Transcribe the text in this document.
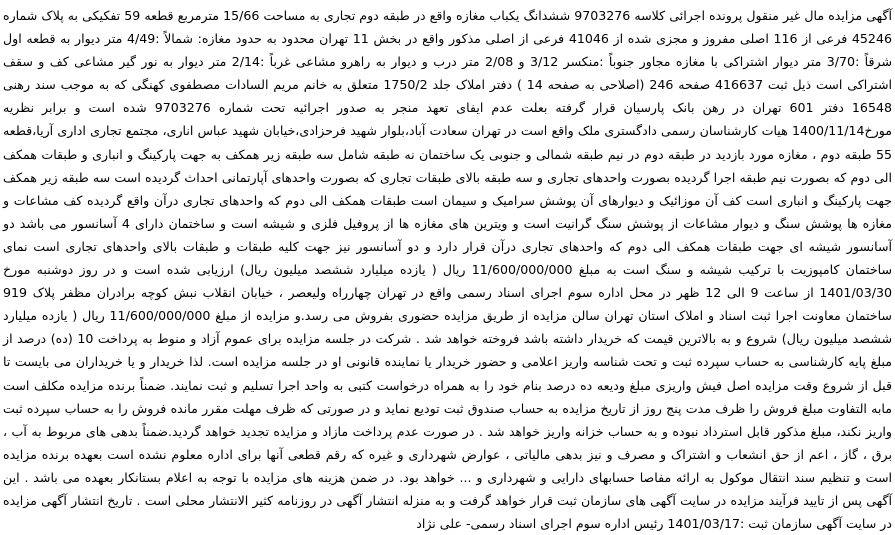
آگهی مزایده مال غیر منقول پرونده اجرائی کلاسه 9703276 ششدانگ یکباب مغازه واقع در طبقه دوم تجاری به مساحت 15/66 مترمربع قطعه 59 تفکیکی به پلاک شماره 45246 فرعی از 116 اصلی مفروز و مجزی شده از 41046 فرعی از اصلی مذکور واقع در بخش 11 تهران محدود به حدود مغازه: شمالاً :4/49 متر دیوار به قطعه اول شرقاً :3/70 متر دیوار اشتراکی با مغازه مجاور جنوباً :منکسر 3/12 و 2/08 متر درب و دیوار به راهرو مشاعی غرباً :2/14 متر دیوار به نور گیر مشاعی کف و سقف اشتراکی است ذیل ثبت 416637 صفحه 246 (اصلاحی به صفحه 14 ) دفتر املاک جلد 1750/2 متعلق به خانم مریم السادات مصطفوی کهنگی که به موجب سند رهنی 16548 دفتر 601 تهران در رهن بانک پارسیان قرار گرفته بعلت عدم ایفای تعهد منجر به صدور اجرائیه تحت شماره 9703276 شده است و برابر نظریه مورخ1400/11/14 هیات کارشناسان رسمی دادگستری ملک واقع است در تهران سعادت آباد،بلوار شهید فرحزادی،خیابان شهید عباس اناری، مجتمع تجاری اداری آریا،قطعه 55 طبقه دوم ، مغازه مورد بازدید در طبقه دوم در نیم طبقه شمالی و جنوبی یک ساختمان نه طبقه شامل سه طبقه زیر همکف به جهت پارکینگ و انباری و طبقات همکف الی دوم که بصورت نیم طبقه اجرا گردیده بصورت واحدهای تجاری و سه طبقه بالای طبقات تجاری که بصورت واحدهای آپارتمانی احداث گردیده است سه طبقه زیر همکف جهت پارکینگ و انباری است کف آن موزائیک و دیوارهای آن پوشش سرامیک و سیمان است طبقات همکف الی دوم که واحدهای تجاری درآن واقع گردیده کف مشاعات و مغازه ها پوشش سنگ و دیوار مشاعات از پوشش سنگ گرانیت است و ویترین های مغازه ها از پروفیل فلزی و شیشه است و ساختمان دارای 4 آسانسور می باشد دو آسانسور شیشه ای جهت طبقات همکف الی دوم که واحدهای تجاری درآن قرار دارد و دو آسانسور نیز جهت کلیه طبقات و طبقات بالای واحدهای تجاری است نمای ساختمان کامپوزیت با ترکیب شیشه و سنگ است به مبلغ 11/600/000/000 ریال ( یازده میلیارد ششصد میلیون ریال) ارزیابی شده است و در روز دوشنبه مورخ 1401/03/30 از ساعت 9 الی 12 ظهر در محل اداره سوم اجرای اسناد رسمی واقع در تهران چهارراه ولیعصر ، خیابان انقلاب نبش کوچه برادران مظفر پلاک 919 ساختمان معاونت اجرا ثبت اسناد و املاک استان تهران سالن مزایده از طریق مزایده حضوری بفروش می رسد.و مزایده از مبلغ 11/600/000/000 ریال ( یازده میلیارد ششصد میلیون ریال) شروع و به بالاترین قیمت که خریدار داشته باشد فروخته خواهد شد . شرکت در جلسه مزایده برای عموم آزاد و منوط به پرداخت 10 (ده) درصد از مبلغ پایه کارشناسی به حساب سپرده ثبت و تحت شناسه واریز اعلامی و حضور خریدار یا نماینده قانونی او در جلسه مزایده است. لذا خریدار و یا خریداران می بایست تا قبل از شروع وقت مزایده اصل فیش واریزی مبلغ ودیعه ده درصد بنام خود را به همراه درخواست کتبی به واحد اجرا تسلیم و ثبت نمایند. ضمناً برنده مزایده مکلف است مابه التفاوت مبلغ فروش را ظرف مدت پنج روز از تاریخ مزایده به حساب صندوق ثبت تودیع نماید و در صورتی که ظرف مهلت مقرر مانده فروش را به حساب سپرده ثبت واریز نکند، مبلغ مذکور قابل استرداد نبوده و به حساب خزانه واریز خواهد شد . در صورت عدم پرداخت مازاد و مزایده تجدید خواهد گردید.ضمناً بدهی های مربوط به آب ، برق ، گاز ، اعم از حق انشعاب و اشتراک و مصرف و نیز بدهی مالیاتی ، عوارض شهرداری و غیره که رقم قطعی آنها برای اداره معلوم نشده است بعهده برنده مزایده است و تنظیم سند انتقال موکول به ارائه مفاصا حسابهای دارایی و شهرداری و ... خواهد بود. در ضمن هزینه های مزایده با توجه به اعلام بستانکار بعهده می باشد . این آگهی پس از تایید فرآیند مزایده در سایت آگهی های سازمان ثبت قرار خواهد گرفت و به منزله انتشار آگهی در روزنامه کثیر الانتشار محلی است . تاریخ انتشار آگهی مزایده در سایت آگهی سازمان ثبت :1401/03/17 رئیس اداره سوم اجرای اسناد رسمی- علی نژاد
